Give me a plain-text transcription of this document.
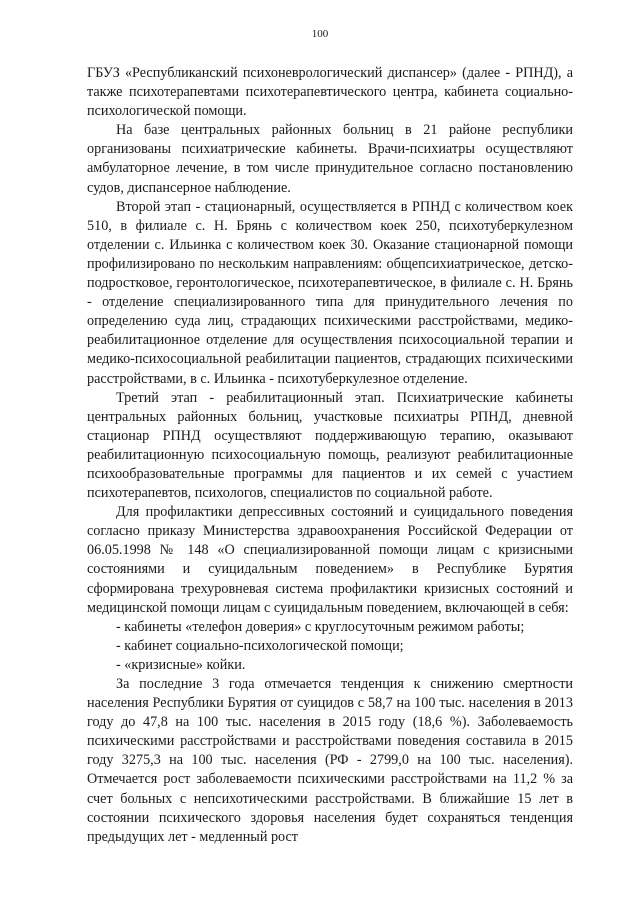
100

ГБУЗ «Республиканский психоневрологический диспансер» (далее - РПНД), а также психотерапевтами психотерапевтического центра, кабинета социально-психологической помощи.

На базе центральных районных больниц в 21 районе республики организованы психиатрические кабинеты. Врачи-психиатры осуществляют амбулаторное лечение, в том числе принудительное согласно постановлению судов, диспансерное наблюдение.

Второй этап - стационарный, осуществляется в РПНД с количеством коек 510, в филиале с. Н. Брянь с количеством коек 250, психотуберкулезном отделении с. Ильинка с количеством коек 30. Оказание стационарной помощи профилизировано по нескольким направлениям: общепсихиатрическое, детско-подростковое, геронтологическое, психотерапевтическое, в филиале с. Н. Брянь - отделение специализированного типа для принудительного лечения по определению суда лиц, страдающих психическими расстройствами, медико-реабилитационное отделение для осуществления психосоциальной терапии и медико-психосоциальной реабилитации пациентов, страдающих психическими расстройствами, в с. Ильинка - психотуберкулезное отделение.

Третий этап - реабилитационный этап. Психиатрические кабинеты центральных районных больниц, участковые психиатры РПНД, дневной стационар РПНД осуществляют поддерживающую терапию, оказывают реабилитационную психосоциальную помощь, реализуют реабилитационные психообразовательные программы для пациентов и их семей с участием психотерапевтов, психологов, специалистов по социальной работе.

Для профилактики депрессивных состояний и суицидального поведения согласно приказу Министерства здравоохранения Российской Федерации от 06.05.1998 № 148 «О специализированной помощи лицам с кризисными состояниями и суицидальным поведением» в Республике Бурятия сформирована трехуровневая система профилактики кризисных состояний и медицинской помощи лицам с суицидальным поведением, включающей в себя:

- кабинеты «телефон доверия» с круглосуточным режимом работы;
- кабинет социально-психологической помощи;
- «кризисные» койки.

За последние 3 года отмечается тенденция к снижению смертности населения Республики Бурятия от суицидов с 58,7 на 100 тыс. населения в 2013 году до 47,8 на 100 тыс. населения в 2015 году (18,6 %). Заболеваемость психическими расстройствами и расстройствами поведения составила в 2015 году 3275,3 на 100 тыс. населения (РФ - 2799,0 на 100 тыс. населения). Отмечается рост заболеваемости психическими расстройствами на 11,2 % за счет больных с непсихотическими расстройствами. В ближайшие 15 лет в состоянии психического здоровья населения будет сохраняться тенденция предыдущих лет - медленный рост
